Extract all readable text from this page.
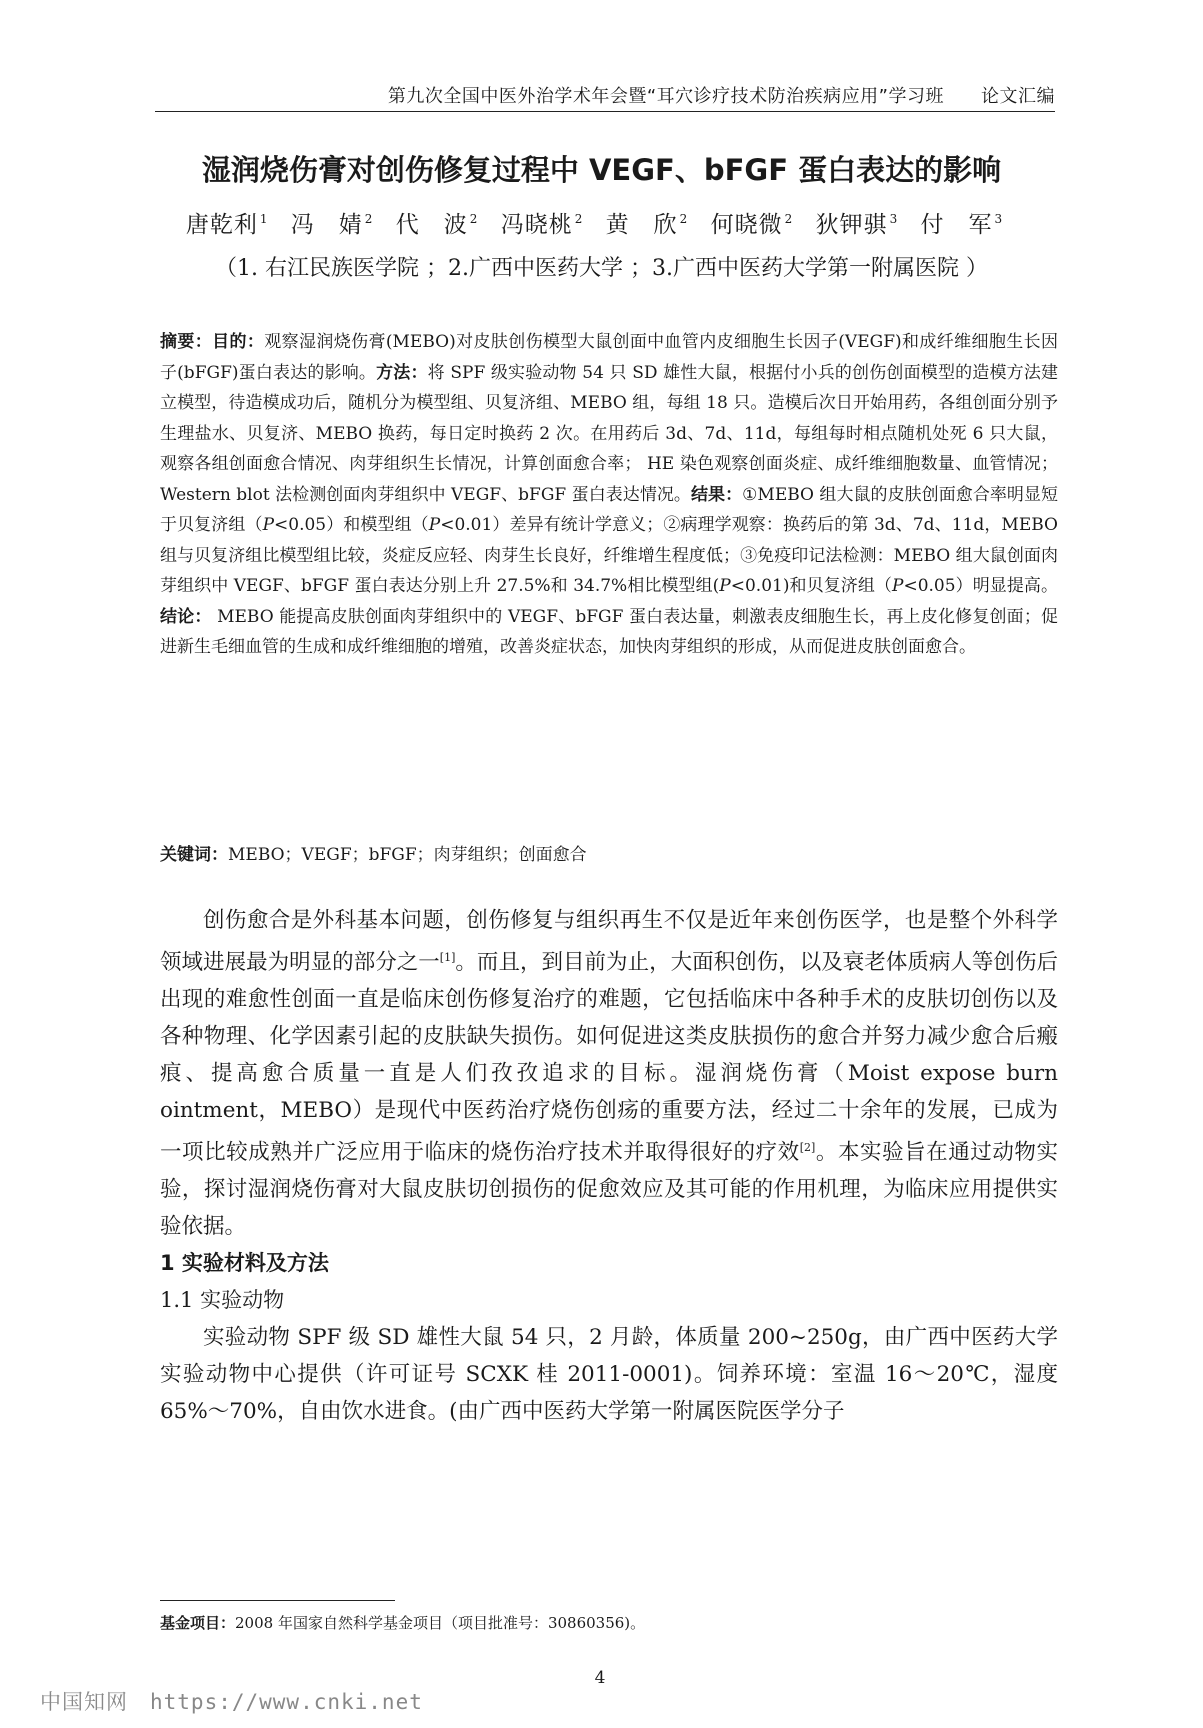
第九次全国中医外治学术年会暨“耳穴诊疗技术防治疾病应用”学习班　　论文汇编
湿润烧伤膏对创伤修复过程中 VEGF、bFGF 蛋白表达的影响
唐乾利 $^1$ 冯　婧 $^2$ 代　波 $^2$ 冯晓桃 $^2$ 黄　欣 $^2$ 何晓微 $^2$ 狄钾骐 $^3$ 付　军 $^3$
（1. 右江民族医学院 ；2.广西中医药大学 ；3.广西中医药大学第一附属医院 ）
摘要：目的：观察湿润烧伤膏(MEBO)对皮肤创伤模型大鼠创面中血管内皮细胞生长因子(VEGF)和成纤维细胞生长因子(bFGF)蛋白表达的影响。方法：将 SPF 级实验动物 54 只 SD 雄性大鼠，根据付小兵的创伤创面模型的造模方法建立模型，待造模成功后，随机分为模型组、贝复济组、MEBO 组，每组 18 只。造模后次日开始用药，各组创面分别予生理盐水、贝复济、MEBO 换药，每日定时换药 2 次。在用药后 3d、7d、11d，每组每时相点随机处死 6 只大鼠，观察各组创面愈合情况、肉芽组织生长情况，计算创面愈合率； HE 染色观察创面炎症、成纤维细胞数量、血管情况； Western blot 法检测创面肉芽组织中 VEGF、bFGF 蛋白表达情况。结果：①MEBO 组大鼠的皮肤创面愈合率明显短于贝复济组（P<0.05）和模型组（P<0.01）差异有统计学意义；②病理学观察：换药后的第 3d、7d、11d，MEBO 组与贝复济组比模型组比较，炎症反应轻、肉芽生长良好，纤维增生程度低；③免疫印记法检测：MEBO 组大鼠创面肉芽组织中 VEGF、bFGF 蛋白表达分别上升 27.5%和 34.7%相比模型组(P<0.01)和贝复济组（P<0.05）明显提高。结论： MEBO 能提高皮肤创面肉芽组织中的 VEGF、bFGF 蛋白表达量，刺激表皮细胞生长，再上皮化修复创面；促进新生毛细血管的生成和成纤维细胞的增殖，改善炎症状态，加快肉芽组织的形成，从而促进皮肤创面愈合。
关键词：MEBO；VEGF；bFGF；肉芽组织；创面愈合

创伤愈合是外科基本问题，创伤修复与组织再生不仅是近年来创伤医学，也是整个外科学领域进展最为明显的部分之一[1]。而且，到目前为止，大面积创伤，以及衰老体质病人等创伤后出现的难愈性创面一直是临床创伤修复治疗的难题，它包括临床中各种手术的皮肤切创伤以及各种物理、化学因素引起的皮肤缺失损伤。如何促进这类皮肤损伤的愈合并努力减少愈合后瘢痕、提高愈合质量一直是人们孜孜追求的目标。湿润烧伤膏（Moist expose burn ointment，MEBO）是现代中医药治疗烧伤创疡的重要方法，经过二十余年的发展，已成为一项比较成熟并广泛应用于临床的烧伤治疗技术并取得很好的疗效[2]。本实验旨在通过动物实验，探讨湿润烧伤膏对大鼠皮肤切创损伤的促愈效应及其可能的作用机理，为临床应用提供实验依据。

1 实验材料及方法
1.1 实验动物

实验动物 SPF 级 SD 雄性大鼠 54 只，2 月龄，体质量 200~250g，由广西中医药大学实验动物中心提供（许可证号 SCXK 桂 2011-0001)。饲养环境：室温 16～20℃，湿度 65%～70%，自由饮水进食。(由广西中医药大学第一附属医院医学分子

基金项目：2008 年国家自然科学基金项目（项目批准号：30860356)。
4
中国知网　https://www.cnki.net
